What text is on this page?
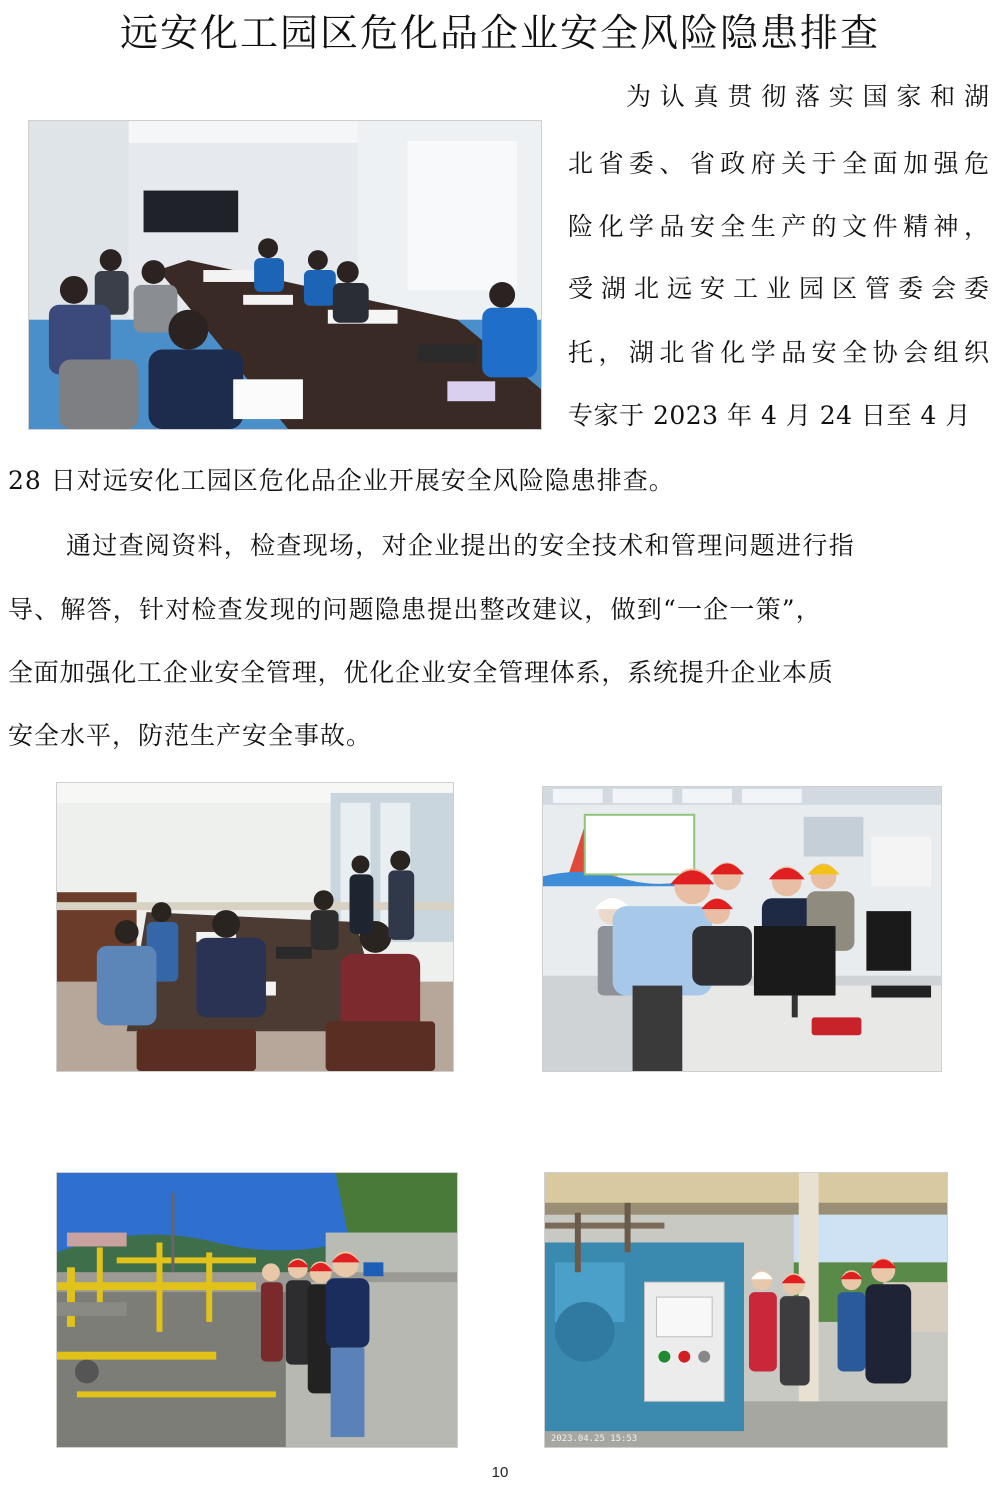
远安化工园区危化品企业安全风险隐患排查
为认真贯彻落实国家和湖
北省委、省政府关于全面加强危
险化学品安全生产的文件精神，
受湖北远安工业园区管委会委
托，湖北省化学品安全协会组织
专家于 2023 年 4 月 24 日至 4 月
28 日对远安化工园区危化品企业开展安全风险隐患排查。
通过查阅资料，检查现场，对企业提出的安全技术和管理问题进行指
导、解答，针对检查发现的问题隐患提出整改建议，做到“一企一策”，
全面加强化工企业安全管理，优化企业安全管理体系，系统提升企业本质
安全水平，防范生产安全事故。
2023.04.25 15:53
10
